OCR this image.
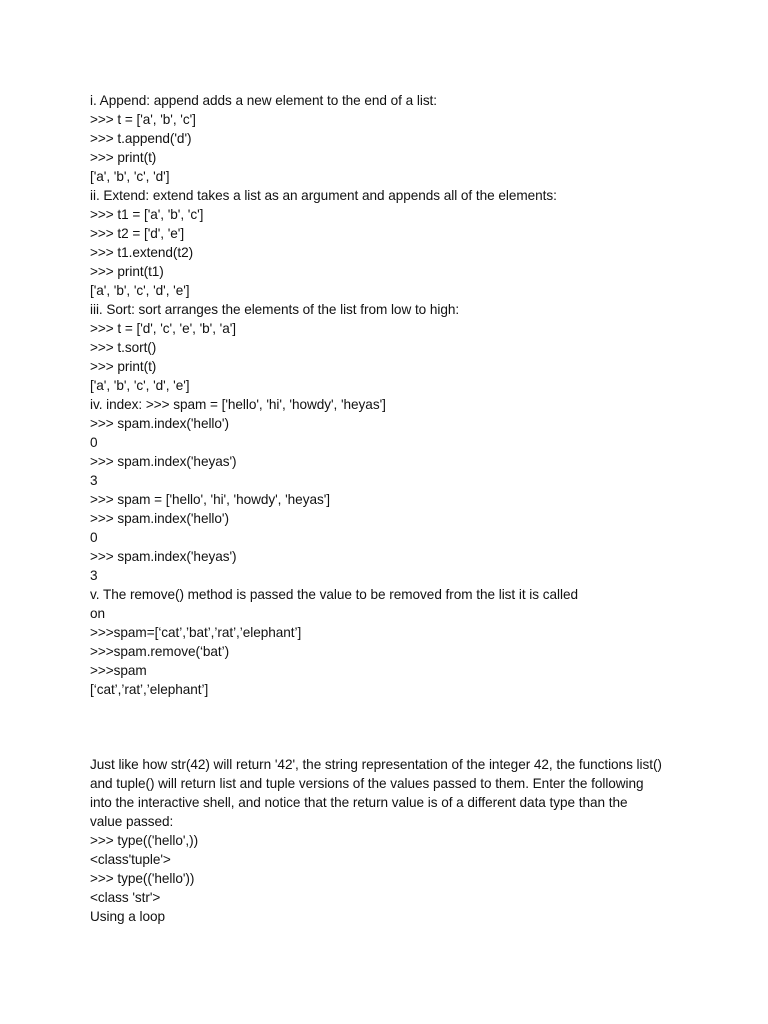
i. Append: append adds a new element to the end of a list:
>>> t = ['a', 'b', 'c']
>>> t.append('d')
>>> print(t)
['a', 'b', 'c', 'd']
ii. Extend: extend takes a list as an argument and appends all of the elements:
>>> t1 = ['a', 'b', 'c']
>>> t2 = ['d', 'e']
>>> t1.extend(t2)
>>> print(t1)
['a', 'b', 'c', 'd', 'e']
iii. Sort: sort arranges the elements of the list from low to high:
>>> t = ['d', 'c', 'e', 'b', 'a']
>>> t.sort()
>>> print(t)
['a', 'b', 'c', 'd', 'e']
iv. index: >>> spam = ['hello', 'hi', 'howdy', 'heyas']
>>> spam.index('hello')
0
>>> spam.index('heyas')
3
>>> spam = ['hello', 'hi', 'howdy', 'heyas']
>>> spam.index('hello')
0
>>> spam.index('heyas')
3
v. The remove() method is passed the value to be removed from the list it is called
on
>>>spam=[‘cat’,’bat’,’rat’,’elephant’]
>>>spam.remove(‘bat’)
>>>spam
[‘cat’,’rat’,’elephant’]
Just like how str(42) will return '42', the string representation of the integer 42, the functions list()
and tuple() will return list and tuple versions of the values passed to them. Enter the following
into the interactive shell, and notice that the return value is of a different data type than the
value passed:
>>> type(('hello',))
<class'tuple'>
>>> type(('hello'))
<class 'str'>
Using a loop
